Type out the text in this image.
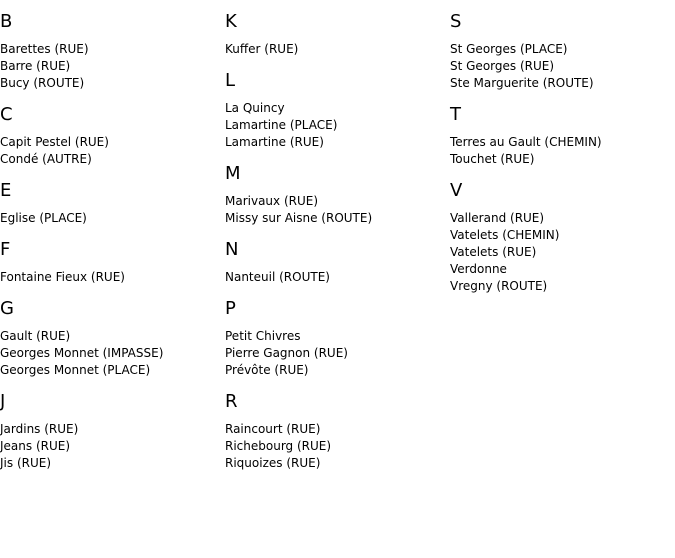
B
Barettes (RUE)
Barre (RUE)
Bucy (ROUTE)
C
Capit Pestel (RUE)
Condé (AUTRE)
E
Eglise (PLACE)
F
Fontaine Fieux (RUE)
G
Gault (RUE)
Georges Monnet (IMPASSE)
Georges Monnet (PLACE)
J
Jardins (RUE)
Jeans (RUE)
Jis (RUE)
K
Kuffer (RUE)
L
La Quincy
Lamartine (PLACE)
Lamartine (RUE)
M
Marivaux (RUE)
Missy sur Aisne (ROUTE)
N
Nanteuil (ROUTE)
P
Petit Chivres
Pierre Gagnon (RUE)
Prévôte (RUE)
R
Raincourt (RUE)
Richebourg (RUE)
Riquoizes (RUE)
S
St Georges (PLACE)
St Georges (RUE)
Ste Marguerite (ROUTE)
T
Terres au Gault (CHEMIN)
Touchet (RUE)
V
Vallerand (RUE)
Vatelets (CHEMIN)
Vatelets (RUE)
Verdonne
Vregny (ROUTE)
